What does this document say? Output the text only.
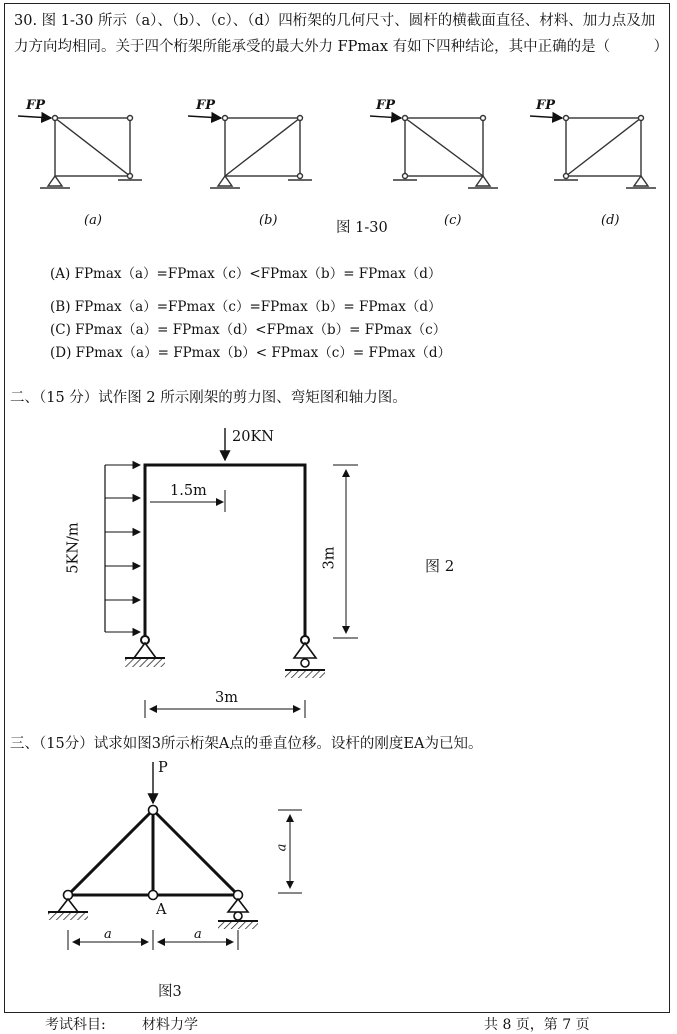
30. 图 1-30 所示（a）、（b）、（c）、（d）四桁架的几何尺寸、圆杆的横截面直径、材料、加力点及加力方向均相同。关于四个桁架所能承受的最大外力 FPmax 有如下四种结论，其中正确的是（　　　）
FP	FP	FP	FP
(a)	(b)	(c)	(d)
图 1-30
(A) FPmax（a）=FPmax（c）<FPmax（b）= FPmax（d）
(B) FPmax（a）=FPmax（c）=FPmax（b）= FPmax（d）
(C) FPmax（a）= FPmax（d）<FPmax（b）= FPmax（c）
(D) FPmax（a）= FPmax（b）< FPmax（c）= FPmax（d）
二、（15 分）试作图 2 所示刚架的剪力图、弯矩图和轴力图。
20KN
1.5m
5KN/m	3m
3m
图 2
三、（15分）试求如图3所示桁架A点的垂直位移。设杆的刚度EA为已知。
P
A
a	a
a
图3
考试科目:	材料力学	共 8 页，第 7 页
